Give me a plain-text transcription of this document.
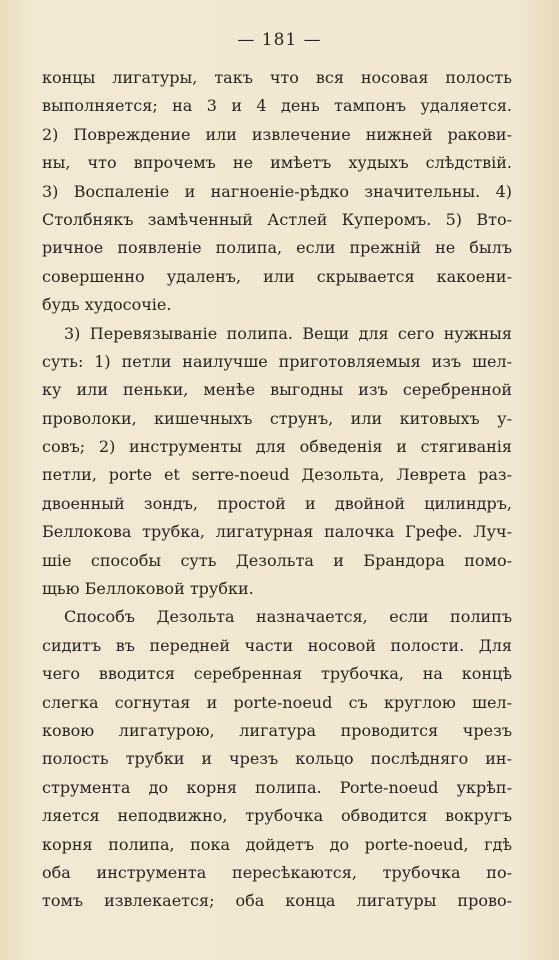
— 181 —
концы лигатуры, такъ что вся носовая полость
выполняется; на 3 и 4 день тампонъ удаляется.
2) Повреждение или извлечение нижней ракови-
ны, что впрочемъ не имѣетъ худыхъ слѣдствій.
3) Воспаленіе и нагноеніе-рѣдко значительны. 4)
Столбнякъ замѣченный Астлей Куперомъ. 5) Вто-
ричное появленіе полипа, если прежній не былъ
совершенно удаленъ, или скрывается какоени-
будь худосочіе.
3) Перевязываніе полипа. Вещи для сего нужныя
суть: 1) петли наилучше приготовляемыя изъ шел-
ку или пеньки, менѣе выгодны изъ серебренной
проволоки, кишечныхъ струнъ, или китовыхъ у-
совъ; 2) инструменты для обведенія и стягиванія
петли, porte et serre-noeud Дезольта, Леврета раз-
двоенный зондъ, простой и двойной цилиндръ,
Беллокова трубка, лигатурная палочка Грефе. Луч-
шіе способы суть Дезольта и Брандора помо-
щью Беллоковой трубки.
Способъ Дезольта назначается, если полипъ
сидитъ въ передней части носовой полости. Для
чего вводится серебренная трубочка, на концѣ
слегка согнутая и porte-noeud съ круглою шел-
ковою лигатурою, лигатура проводится чрезъ
полость трубки и чрезъ кольцо послѣдняго ин-
струмента до корня полипа. Porte-noeud укрѣп-
ляется неподвижно, трубочка обводится вокругъ
корня полипа, пока дойдетъ до porte-noeud, гдѣ
оба инструмента пересѣкаются, трубочка по-
томъ извлекается; оба конца лигатуры прово-
